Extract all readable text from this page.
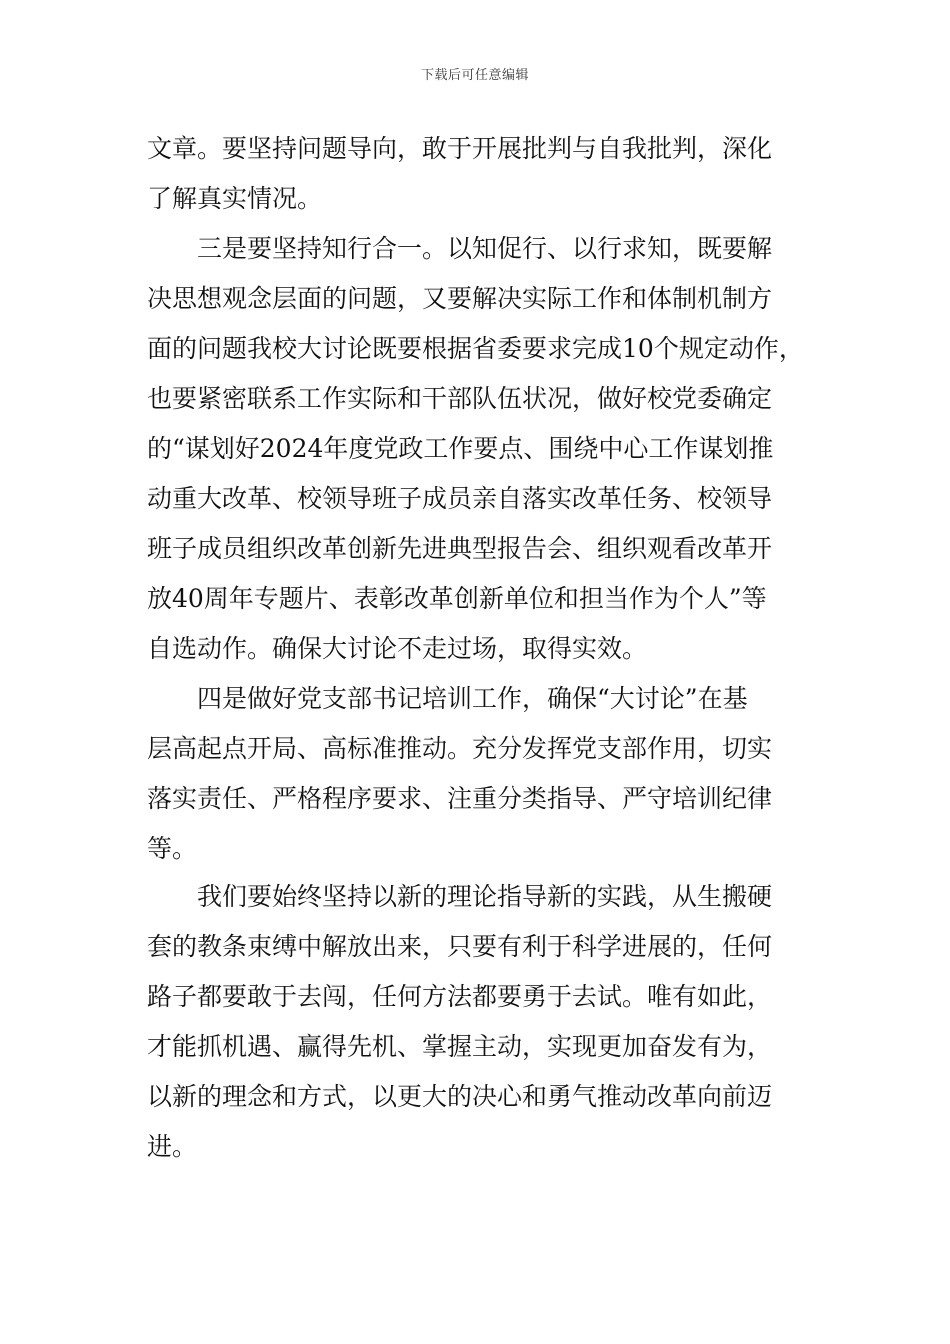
下载后可任意编辑
文章。要坚持问题导向，敢于开展批判与自我批判，深化
了解真实情况。
三是要坚持知行合一。以知促行、以行求知，既要解
决思想观念层面的问题，又要解决实际工作和体制机制方
面的问题我校大讨论既要根据省委要求完成10个规定动作，
也要紧密联系工作实际和干部队伍状况，做好校党委确定
的“谋划好2024年度党政工作要点、围绕中心工作谋划推
动重大改革、校领导班子成员亲自落实改革任务、校领导
班子成员组织改革创新先进典型报告会、组织观看改革开
放40周年专题片、表彰改革创新单位和担当作为个人”等
自选动作。确保大讨论不走过场，取得实效。
四是做好党支部书记培训工作，确保“大讨论”在基
层高起点开局、高标准推动。充分发挥党支部作用，切实
落实责任、严格程序要求、注重分类指导、严守培训纪律
等。
我们要始终坚持以新的理论指导新的实践，从生搬硬
套的教条束缚中解放出来，只要有利于科学进展的，任何
路子都要敢于去闯，任何方法都要勇于去试。唯有如此，
才能抓机遇、赢得先机、掌握主动，实现更加奋发有为，
以新的理念和方式，以更大的决心和勇气推动改革向前迈
进。
